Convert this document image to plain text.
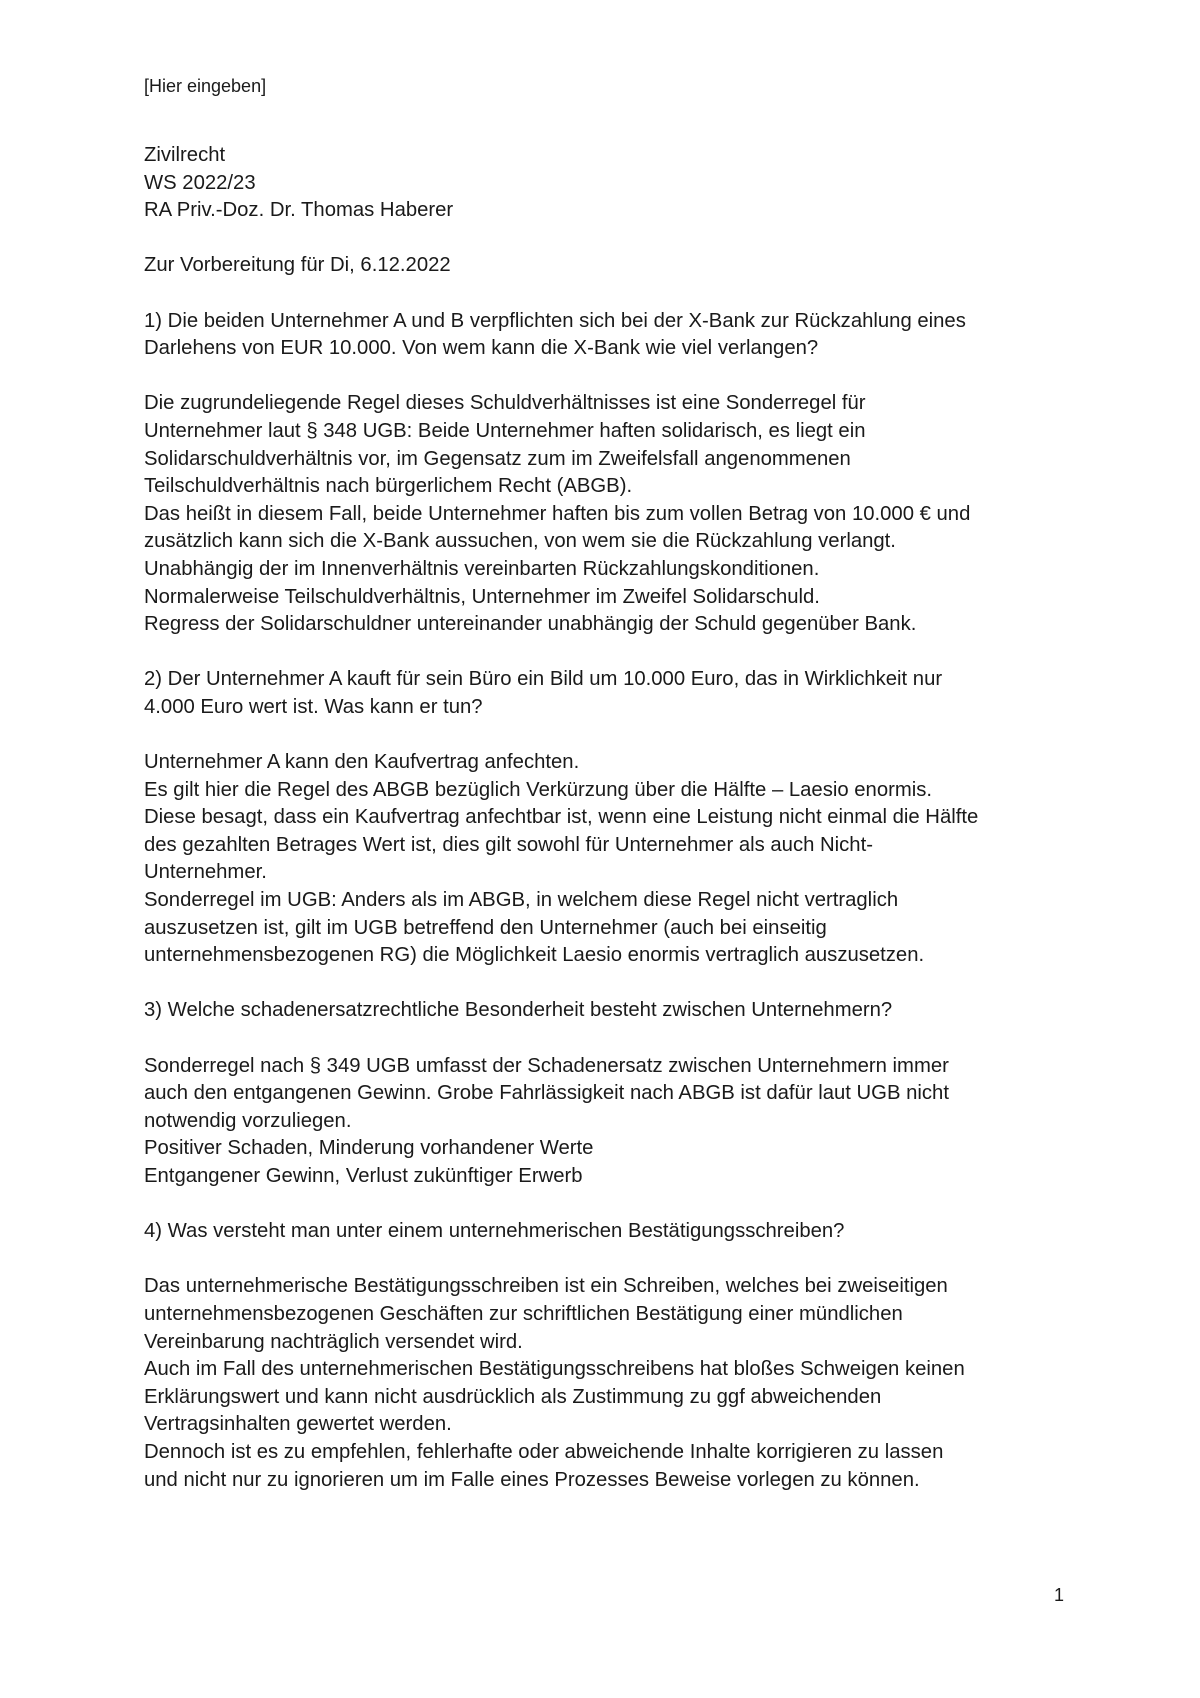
[Hier eingeben]
Zivilrecht
WS 2022/23
RA Priv.-Doz. Dr. Thomas Haberer
Zur Vorbereitung für Di, 6.12.2022
1) Die beiden Unternehmer A und B verpflichten sich bei der X-Bank zur Rückzahlung eines
Darlehens von EUR 10.000. Von wem kann die X-Bank wie viel verlangen?
Die zugrundeliegende Regel dieses Schuldverhältnisses ist eine Sonderregel für
Unternehmer laut § 348 UGB: Beide Unternehmer haften solidarisch, es liegt ein
Solidarschuldverhältnis vor, im Gegensatz zum im Zweifelsfall angenommenen
Teilschuldverhältnis nach bürgerlichem Recht (ABGB).
Das heißt in diesem Fall, beide Unternehmer haften bis zum vollen Betrag von 10.000 € und
zusätzlich kann sich die X-Bank aussuchen, von wem sie die Rückzahlung verlangt.
Unabhängig der im Innenverhältnis vereinbarten Rückzahlungskonditionen.
Normalerweise Teilschuldverhältnis, Unternehmer im Zweifel Solidarschuld.
Regress der Solidarschuldner untereinander unabhängig der Schuld gegenüber Bank.
2) Der Unternehmer A kauft für sein Büro ein Bild um 10.000 Euro, das in Wirklichkeit nur
4.000 Euro wert ist. Was kann er tun?
Unternehmer A kann den Kaufvertrag anfechten.
Es gilt hier die Regel des ABGB bezüglich Verkürzung über die Hälfte – Laesio enormis.
Diese besagt, dass ein Kaufvertrag anfechtbar ist, wenn eine Leistung nicht einmal die Hälfte
des gezahlten Betrages Wert ist, dies gilt sowohl für Unternehmer als auch Nicht-
Unternehmer.
Sonderregel im UGB: Anders als im ABGB, in welchem diese Regel nicht vertraglich
auszusetzen ist, gilt im UGB betreffend den Unternehmer (auch bei einseitig
unternehmensbezogenen RG) die Möglichkeit Laesio enormis vertraglich auszusetzen.
3) Welche schadenersatzrechtliche Besonderheit besteht zwischen Unternehmern?
Sonderregel nach § 349 UGB umfasst der Schadenersatz zwischen Unternehmern immer
auch den entgangenen Gewinn. Grobe Fahrlässigkeit nach ABGB ist dafür laut UGB nicht
notwendig vorzuliegen.
Positiver Schaden, Minderung vorhandener Werte
Entgangener Gewinn, Verlust zukünftiger Erwerb
4) Was versteht man unter einem unternehmerischen Bestätigungsschreiben?
Das unternehmerische Bestätigungsschreiben ist ein Schreiben, welches bei zweiseitigen
unternehmensbezogenen Geschäften zur schriftlichen Bestätigung einer mündlichen
Vereinbarung nachträglich versendet wird.
Auch im Fall des unternehmerischen Bestätigungsschreibens hat bloßes Schweigen keinen
Erklärungswert und kann nicht ausdrücklich als Zustimmung zu ggf abweichenden
Vertragsinhalten gewertet werden.
Dennoch ist es zu empfehlen, fehlerhafte oder abweichende Inhalte korrigieren zu lassen
und nicht nur zu ignorieren um im Falle eines Prozesses Beweise vorlegen zu können.
1
